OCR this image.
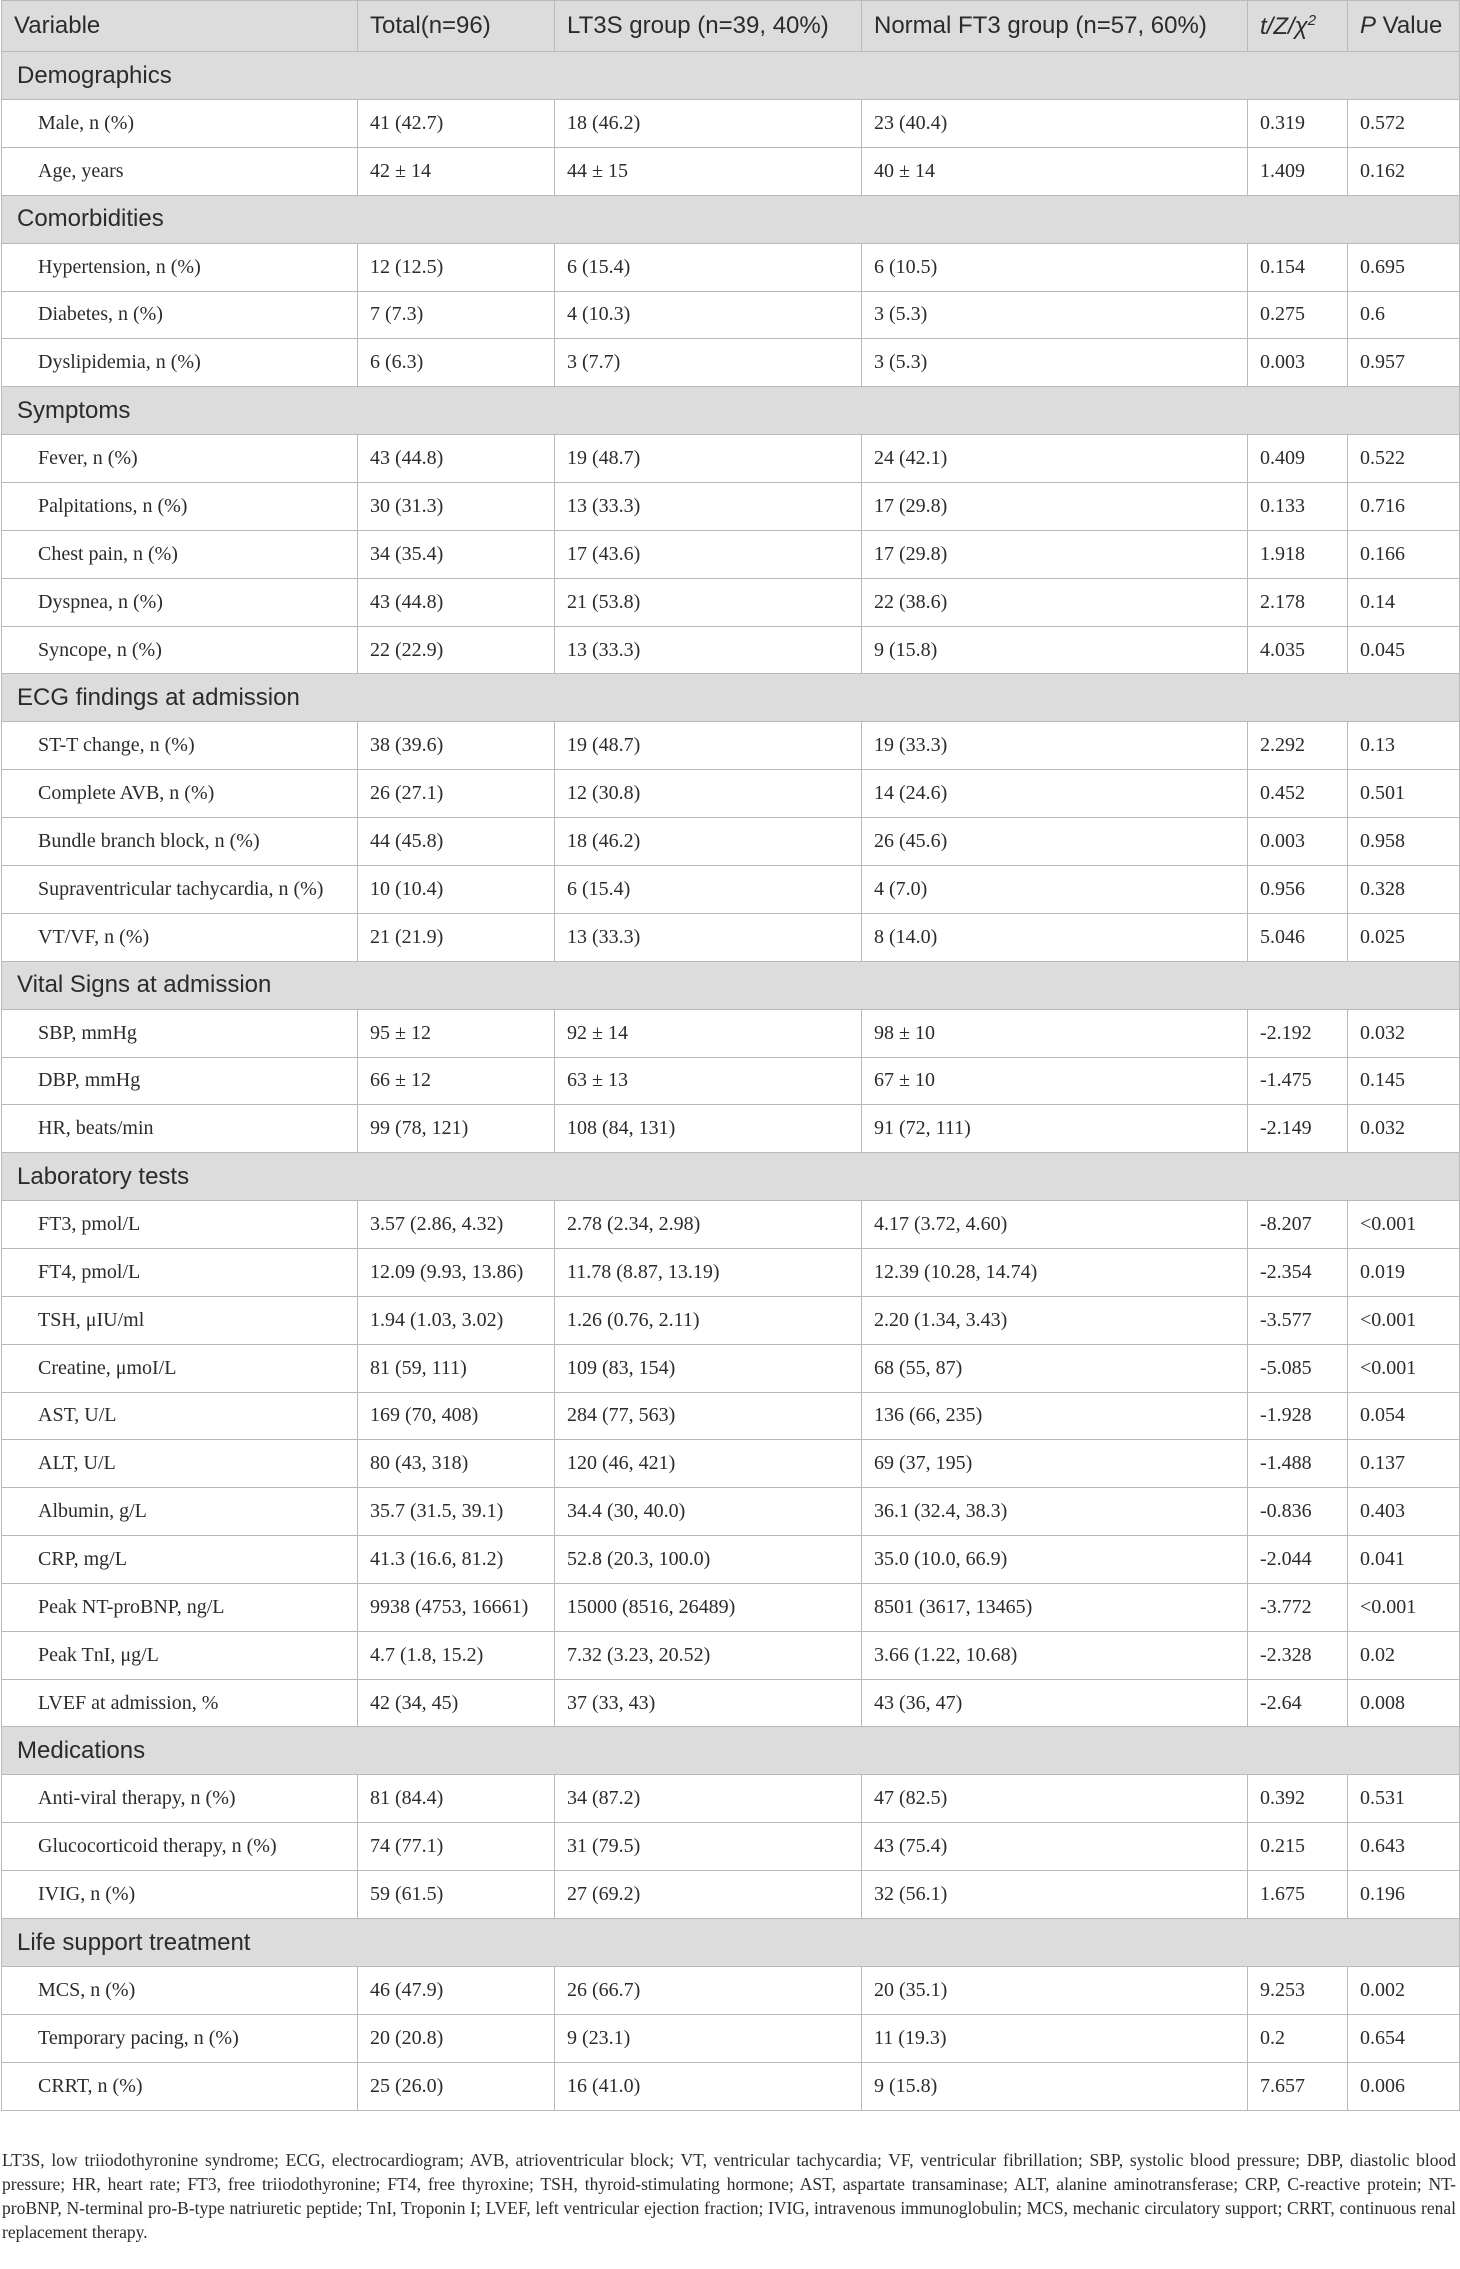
Variable	Total(n=96)	LT3S group (n=39, 40%)	Normal FT3 group (n=57, 60%)	$t/Z/\chi^2$	P Value
Demographics					
Male, n (%)	41 (42.7)	18 (46.2)	23 (40.4)	0.319	0.572
Age, years	42 ± 14	44 ± 15	40 ± 14	1.409	0.162
Comorbidities					
Hypertension, n (%)	12 (12.5)	6 (15.4)	6 (10.5)	0.154	0.695
Diabetes, n (%)	7 (7.3)	4 (10.3)	3 (5.3)	0.275	0.6
Dyslipidemia, n (%)	6 (6.3)	3 (7.7)	3 (5.3)	0.003	0.957
Symptoms					
Fever, n (%)	43 (44.8)	19 (48.7)	24 (42.1)	0.409	0.522
Palpitations, n (%)	30 (31.3)	13 (33.3)	17 (29.8)	0.133	0.716
Chest pain, n (%)	34 (35.4)	17 (43.6)	17 (29.8)	1.918	0.166
Dyspnea, n (%)	43 (44.8)	21 (53.8)	22 (38.6)	2.178	0.14
Syncope, n (%)	22 (22.9)	13 (33.3)	9 (15.8)	4.035	0.045
ECG findings at admission					
ST-T change, n (%)	38 (39.6)	19 (48.7)	19 (33.3)	2.292	0.13
Complete AVB, n (%)	26 (27.1)	12 (30.8)	14 (24.6)	0.452	0.501
Bundle branch block, n (%)	44 (45.8)	18 (46.2)	26 (45.6)	0.003	0.958
Supraventricular tachycardia, n (%)	10 (10.4)	6 (15.4)	4 (7.0)	0.956	0.328
VT/VF, n (%)	21 (21.9)	13 (33.3)	8 (14.0)	5.046	0.025
Vital Signs at admission					
SBP, mmHg	95 ± 12	92 ± 14	98 ± 10	-2.192	0.032
DBP, mmHg	66 ± 12	63 ± 13	67 ± 10	-1.475	0.145
HR, beats/min	99 (78, 121)	108 (84, 131)	91 (72, 111)	-2.149	0.032
Laboratory tests					
FT3, pmol/L	3.57 (2.86, 4.32)	2.78 (2.34, 2.98)	4.17 (3.72, 4.60)	-8.207	<0.001
FT4, pmol/L	12.09 (9.93, 13.86)	11.78 (8.87, 13.19)	12.39 (10.28, 14.74)	-2.354	0.019
TSH, μIU/ml	1.94 (1.03, 3.02)	1.26 (0.76, 2.11)	2.20 (1.34, 3.43)	-3.577	<0.001
Creatine, μmoI/L	81 (59, 111)	109 (83, 154)	68 (55, 87)	-5.085	<0.001
AST, U/L	169 (70, 408)	284 (77, 563)	136 (66, 235)	-1.928	0.054
ALT, U/L	80 (43, 318)	120 (46, 421)	69 (37, 195)	-1.488	0.137
Albumin, g/L	35.7 (31.5, 39.1)	34.4 (30, 40.0)	36.1 (32.4, 38.3)	-0.836	0.403
CRP, mg/L	41.3 (16.6, 81.2)	52.8 (20.3, 100.0)	35.0 (10.0, 66.9)	-2.044	0.041
Peak NT-proBNP, ng/L	9938 (4753, 16661)	15000 (8516, 26489)	8501 (3617, 13465)	-3.772	<0.001
Peak TnI, μg/L	4.7 (1.8, 15.2)	7.32 (3.23, 20.52)	3.66 (1.22, 10.68)	-2.328	0.02
LVEF at admission, %	42 (34, 45)	37 (33, 43)	43 (36, 47)	-2.64	0.008
Medications					
Anti-viral therapy, n (%)	81 (84.4)	34 (87.2)	47 (82.5)	0.392	0.531
Glucocorticoid therapy, n (%)	74 (77.1)	31 (79.5)	43 (75.4)	0.215	0.643
IVIG, n (%)	59 (61.5)	27 (69.2)	32 (56.1)	1.675	0.196
Life support treatment					
MCS, n (%)	46 (47.9)	26 (66.7)	20 (35.1)	9.253	0.002
Temporary pacing, n (%)	20 (20.8)	9 (23.1)	11 (19.3)	0.2	0.654
CRRT, n (%)	25 (26.0)	16 (41.0)	9 (15.8)	7.657	0.006
LT3S, low triiodothyronine syndrome; ECG, electrocardiogram; AVB, atrioventricular block; VT, ventricular tachycardia; VF, ventricular fibrillation; SBP, systolic blood pressure; DBP, diastolic blood pressure; HR, heart rate; FT3, free triiodothyronine; FT4, free thyroxine; TSH, thyroid-stimulating hormone; AST, aspartate transaminase; ALT, alanine aminotransferase; CRP, C-reactive protein; NT-proBNP, N-terminal pro-B-type natriuretic peptide; TnI, Troponin I; LVEF, left ventricular ejection fraction; IVIG, intravenous immunoglobulin; MCS, mechanic circulatory support; CRRT, continuous renal replacement therapy.
